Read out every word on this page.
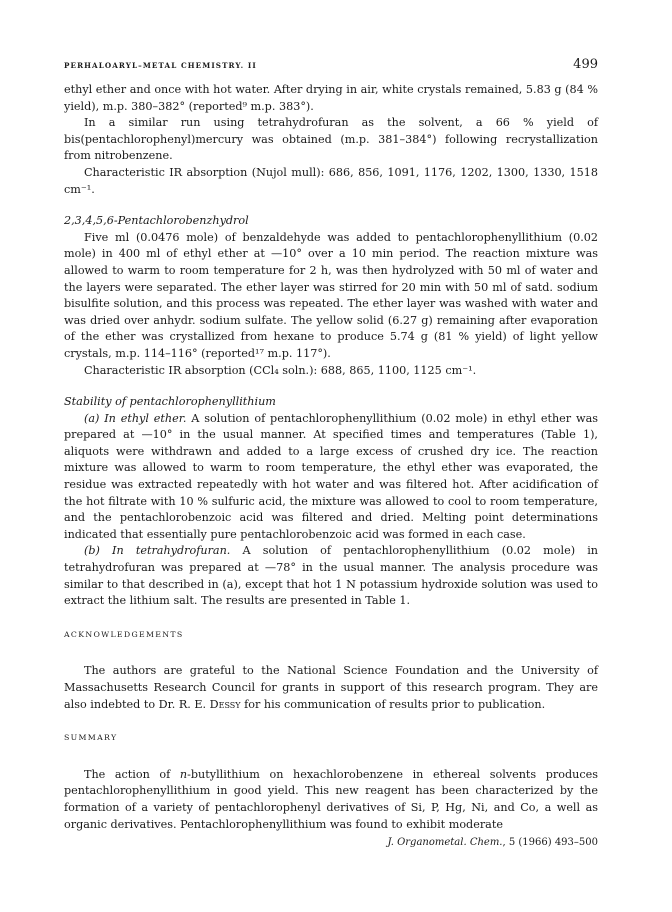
PERHALOARYL–METAL CHEMISTRY. II	499

ethyl ether and once with hot water. After drying in air, white crystals remained, 5.83 g (84 % yield), m.p. 380–382° (reported⁹ m.p. 383°).

In a similar run using tetrahydrofuran as the solvent, a 66 % yield of bis(pentachlorophenyl)mercury was obtained (m.p. 381–384°) following recrystallization from nitrobenzene.

Characteristic IR absorption (Nujol mull): 686, 856, 1091, 1176, 1202, 1300, 1330, 1518 cm⁻¹.

2,3,4,5,6-Pentachlorobenzhydrol

Five ml (0.0476 mole) of benzaldehyde was added to pentachlorophenyllithium (0.02 mole) in 400 ml of ethyl ether at —10° over a 10 min period. The reaction mixture was allowed to warm to room temperature for 2 h, was then hydrolyzed with 50 ml of water and the layers were separated. The ether layer was stirred for 20 min with 50 ml of satd. sodium bisulfite solution, and this process was repeated. The ether layer was washed with water and was dried over anhydr. sodium sulfate. The yellow solid (6.27 g) remaining after evaporation of the ether was crystallized from hexane to produce 5.74 g (81 % yield) of light yellow crystals, m.p. 114–116° (reported¹⁷ m.p. 117°).

Characteristic IR absorption (CCl₄ soln.): 688, 865, 1100, 1125 cm⁻¹.

Stability of pentachlorophenyllithium

(a) In ethyl ether. A solution of pentachlorophenyllithium (0.02 mole) in ethyl ether was prepared at —10° in the usual manner. At specified times and temperatures (Table 1), aliquots were withdrawn and added to a large excess of crushed dry ice. The reaction mixture was allowed to warm to room temperature, the ethyl ether was evaporated, the residue was extracted repeatedly with hot water and was filtered hot. After acidification of the hot filtrate with 10 % sulfuric acid, the mixture was allowed to cool to room temperature, and the pentachlorobenzoic acid was filtered and dried. Melting point determinations indicated that essentially pure pentachlorobenzoic acid was formed in each case.

(b) In tetrahydrofuran. A solution of pentachlorophenyllithium (0.02 mole) in tetrahydrofuran was prepared at —78° in the usual manner. The analysis procedure was similar to that described in (a), except that hot 1 N potassium hydroxide solution was used to extract the lithium salt. The results are presented in Table 1.

ACKNOWLEDGEMENTS

The authors are grateful to the National Science Foundation and the University of Massachusetts Research Council for grants in support of this research program. They are also indebted to Dr. R. E. Dessy for his communication of results prior to publication.

SUMMARY

The action of n-butyllithium on hexachlorobenzene in ethereal solvents produces pentachlorophenyllithium in good yield. This new reagent has been characterized by the formation of a variety of pentachlorophenyl derivatives of Si, P, Hg, Ni, and Co, a well as organic derivatives. Pentachlorophenyllithium was found to exhibit moderate

J. Organometal. Chem., 5 (1966) 493–500
